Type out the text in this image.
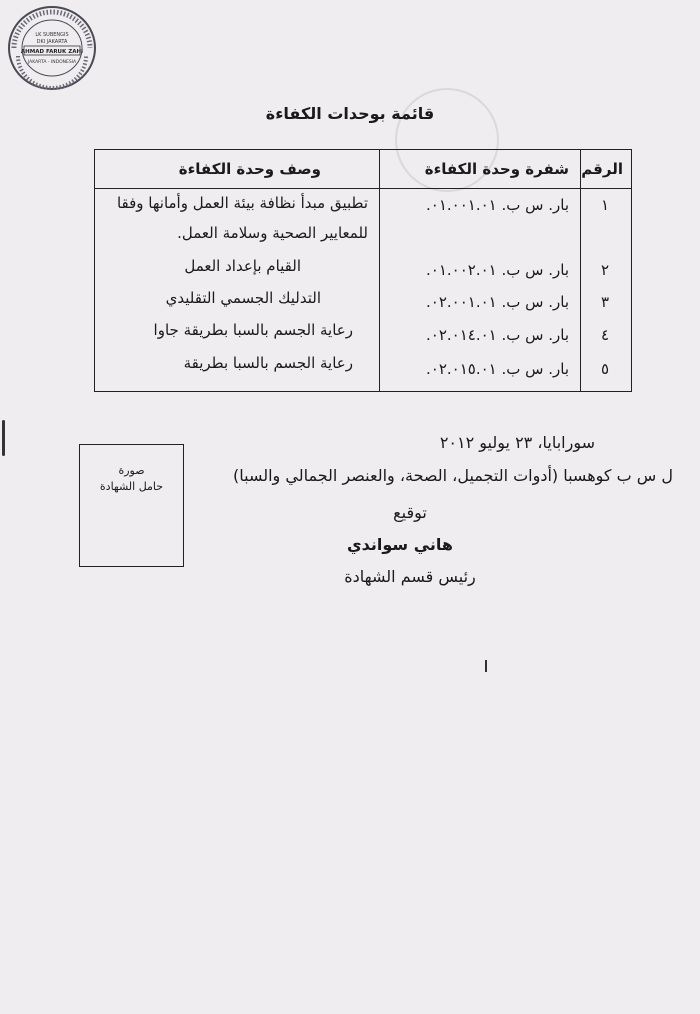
LK SUBENGIS
DKI JAKARTA
AHMAD FARUK ZAHI
JAKARTA - INDONESIA
قائمة بوحدات الكفاءة
الرقم
شفرة وحدة الكفاءة
وصف وحدة الكفاءة
١
بار. س ب. ٠١.٠٠١.٠١.
تطبيق مبدأ نظافة بيئة العمل وأمانها وفقا
للمعايير الصحية وسلامة العمل.
٢
بار. س ب. ٠١.٠٠٢.٠١.
القيام بإعداد العمل
٣
بار. س ب. ٠٢.٠٠١.٠١.
التدليك الجسمي التقليدي
٤
بار. س ب. ٠٢.٠١٤.٠١.
رعاية الجسم بالسبا بطريقة جاوا
٥
بار. س ب. ٠٢.٠١٥.٠١.
رعاية الجسم بالسبا بطريقة
صورة
حامل الشهادة
سورابايا، ٢٣ يوليو ٢٠١٢
ل س ب كوهسبا (أدوات التجميل، الصحة، والعنصر الجمالي والسبا)
توقيع
هاني سواندي
رئيس قسم الشهادة
